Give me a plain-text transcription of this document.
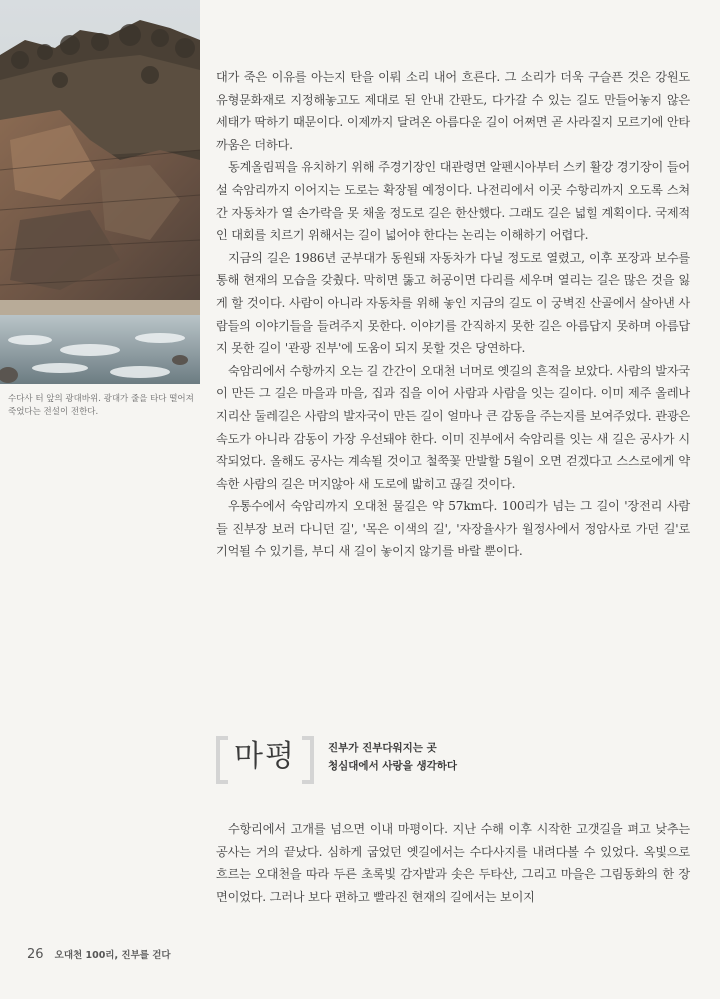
수다사 터 앞의 광대바위. 광대가 줄을 타다 떨어져 죽었다는 전설이 전한다.

대가 죽은 이유를 아는지 탄을 이뤄 소리 내어 흐른다. 그 소리가 더욱 구슬픈 것은 강원도 유형문화재로 지정해놓고도 제대로 된 안내 간판도, 다가갈 수 있는 길도 만들어놓지 않은 세태가 딱하기 때문이다. 이제까지 달려온 아름다운 길이 어쩌면 곧 사라질지 모르기에 안타까움은 더하다.

동계올림픽을 유치하기 위해 주경기장인 대관령면 알펜시아부터 스키 활강 경기장이 들어설 숙암리까지 이어지는 도로는 확장될 예정이다. 나전리에서 이곳 수항리까지 오도록 스쳐간 자동차가 열 손가락을 못 채울 정도로 길은 한산했다. 그래도 길은 넓힐 계획이다. 국제적인 대회를 치르기 위해서는 길이 넓어야 한다는 논리는 이해하기 어렵다.

지금의 길은 1986년 군부대가 동원돼 자동차가 다닐 정도로 열렸고, 이후 포장과 보수를 통해 현재의 모습을 갖췄다. 막히면 뚫고 허공이면 다리를 세우며 열리는 길은 많은 것을 잃게 할 것이다. 사람이 아니라 자동차를 위해 놓인 지금의 길도 이 궁벽진 산골에서 살아낸 사람들의 이야기들을 들려주지 못한다. 이야기를 간직하지 못한 길은 아름답지 못하며 아름답지 못한 길이 '관광 진부'에 도움이 되지 못할 것은 당연하다.

숙암리에서 수항까지 오는 길 간간이 오대천 너머로 옛길의 흔적을 보았다. 사람의 발자국이 만든 그 길은 마을과 마을, 집과 집을 이어 사람과 사람을 잇는 길이다. 이미 제주 올레나 지리산 둘레길은 사람의 발자국이 만든 길이 얼마나 큰 감동을 주는지를 보여주었다. 관광은 속도가 아니라 감동이 가장 우선돼야 한다. 이미 진부에서 숙암리를 잇는 새 길은 공사가 시작되었다. 올해도 공사는 계속될 것이고 철쭉꽃 만발할 5월이 오면 걷겠다고 스스로에게 약속한 사람의 길은 머지않아 새 도로에 밟히고 끊길 것이다.

우통수에서 숙암리까지 오대천 물길은 약 57km다. 100리가 넘는 그 길이 '장전리 사람들 진부장 보러 다니던 길', '목은 이색의 길', '자장율사가 월정사에서 정암사로 가던 길'로 기억될 수 있기를, 부디 새 길이 놓이지 않기를 바랄 뿐이다.

마평	진부가 진부다워지는 곳
청심대에서 사랑을 생각하다

수항리에서 고개를 넘으면 이내 마평이다. 지난 수해 이후 시작한 고갯길을 펴고 낮추는 공사는 거의 끝났다. 심하게 굽었던 옛길에서는 수다사지를 내려다볼 수 있었다. 옥빛으로 흐르는 오대천을 따라 두른 초록빛 감자밭과 솟은 두타산, 그리고 마을은 그림동화의 한 장면이었다. 그러나 보다 편하고 빨라진 현재의 길에서는 보이지

26 오대천 100리, 진부를 걷다
